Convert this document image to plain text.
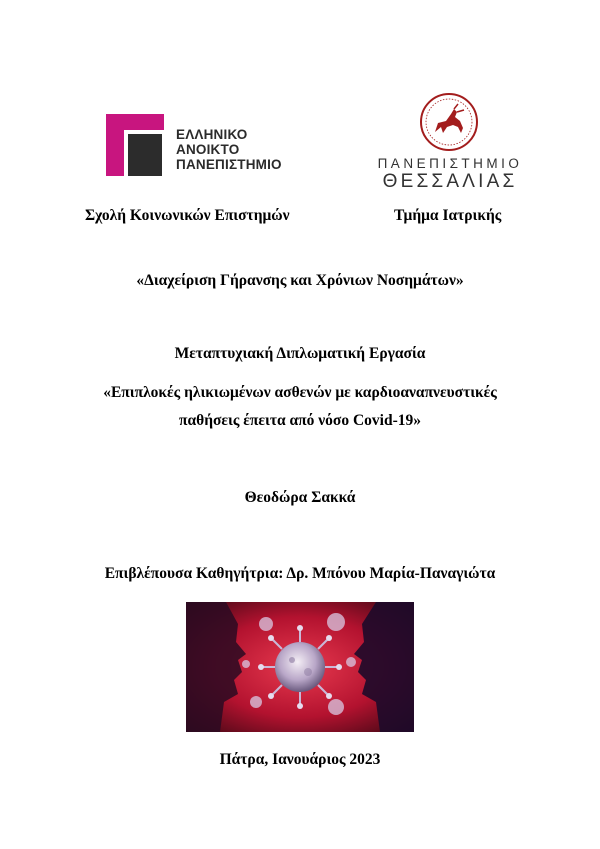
ΕΛΛΗΝΙΚΟ
ΑΝΟΙΚΤΟ
ΠΑΝΕΠΙΣΤΗΜΙΟ	ΠΑΝΕΠΙΣΤΗΜΙΟ
ΘΕΣΣΑΛΙΑΣ
Σχολή Κοινωνικών Επιστημών	Τμήμα Ιατρικής
«Διαχείριση Γήρανσης και Χρόνιων Νοσημάτων»
Μεταπτυχιακή Διπλωματική Εργασία
«Επιπλοκές ηλικιωμένων ασθενών με καρδιοαναπνευστικές
παθήσεις έπειτα από νόσο Covid-19»
Θεοδώρα Σακκά
Επιβλέπουσα Καθηγήτρια: Δρ. Μπόνου Μαρία-Παναγιώτα
Πάτρα, Ιανουάριος 2023
